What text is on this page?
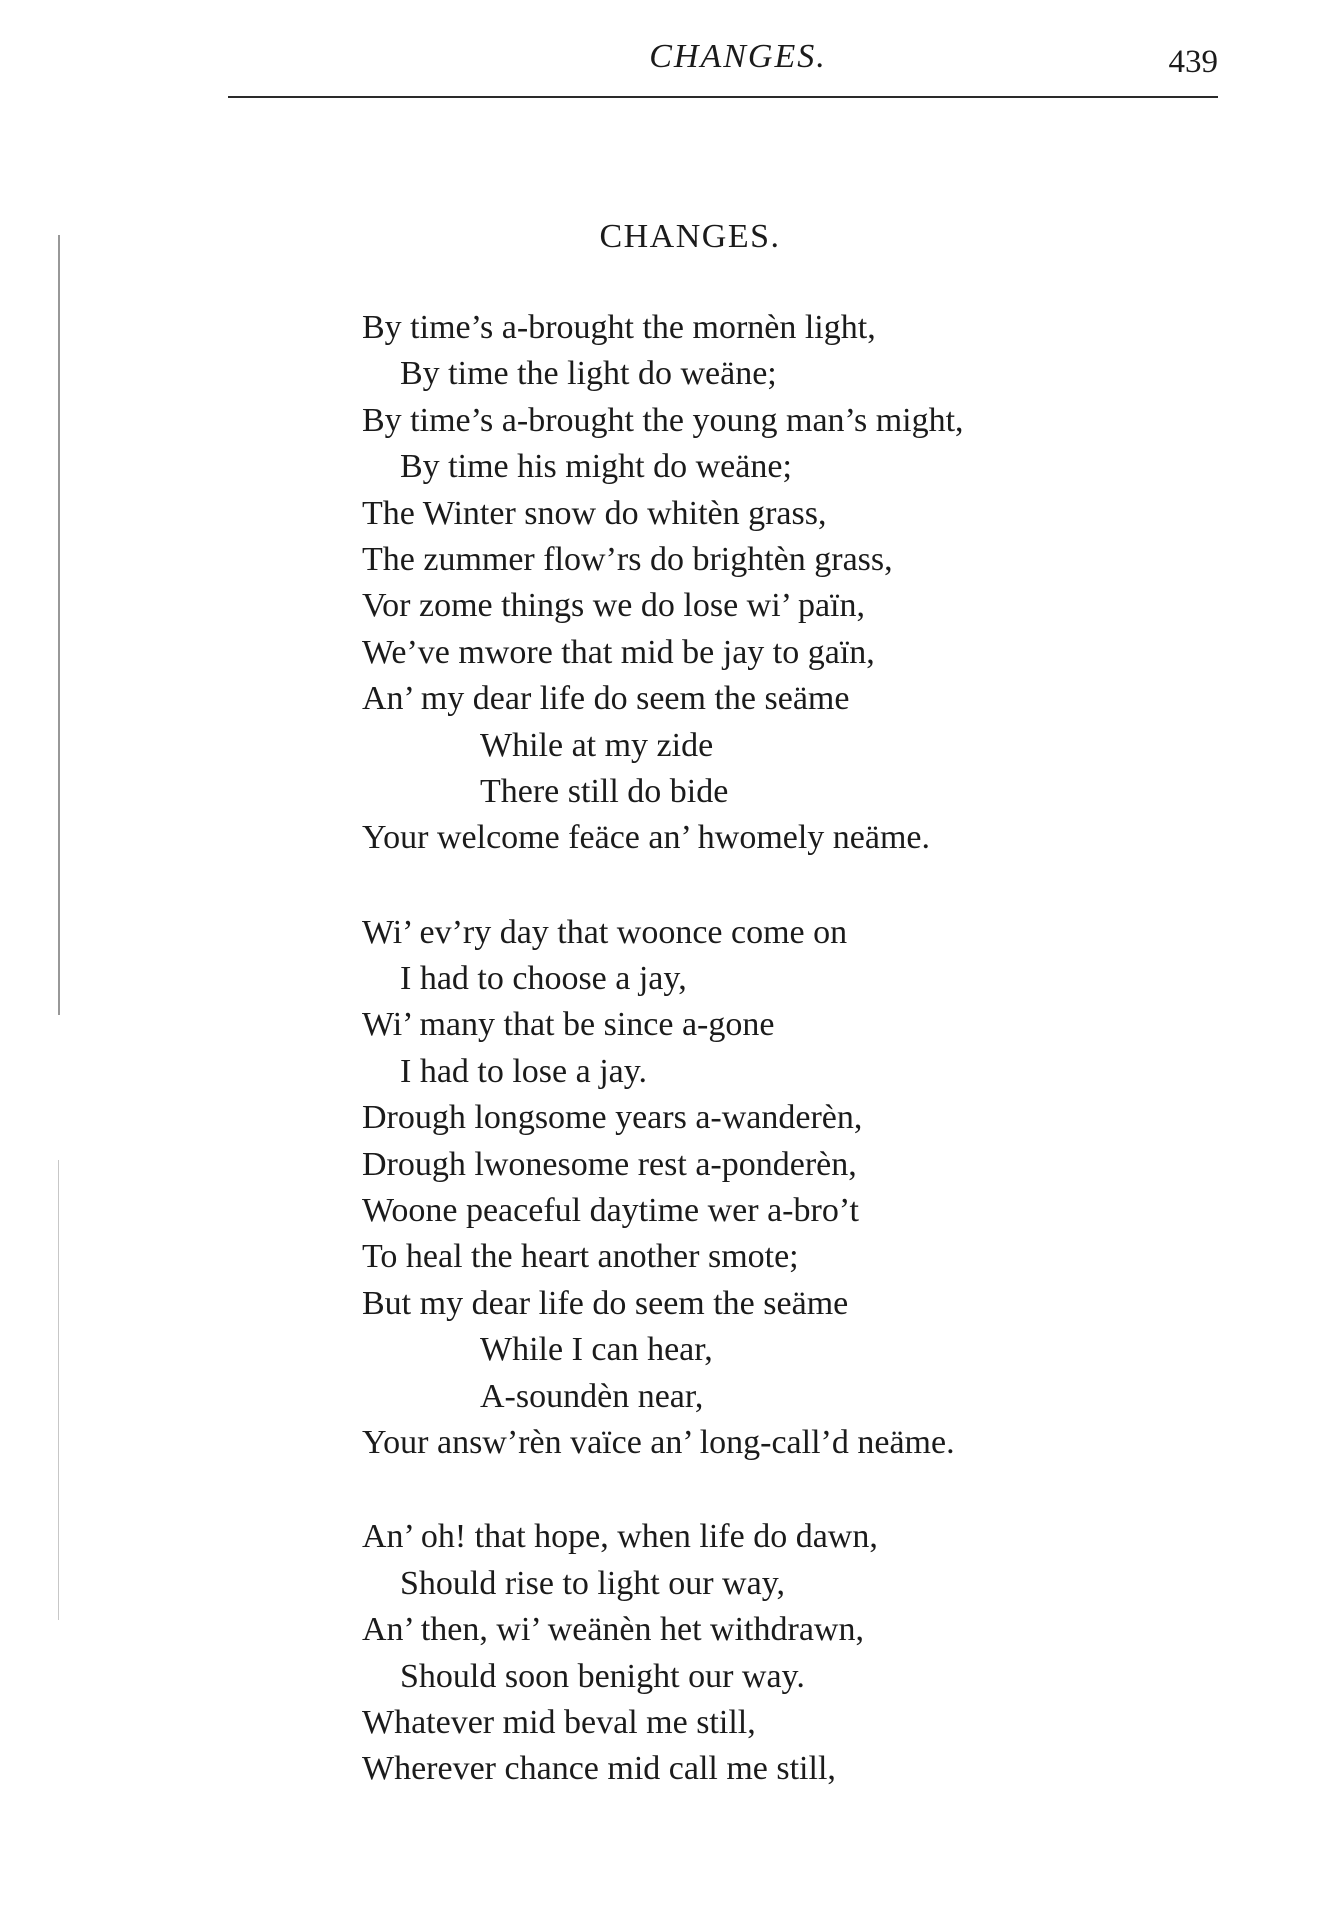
CHANGES.	439
CHANGES.
By time’s a-brought the mornèn light,
By time the light do weäne;
By time’s a-brought the young man’s might,
By time his might do weäne;
The Winter snow do whitèn grass,
The zummer flow’rs do brightèn grass,
Vor zome things we do lose wi’ païn,
We’ve mwore that mid be jay to gaïn,
An’ my dear life do seem the seäme
While at my zide
There still do bide
Your welcome feäce an’ hwomely neäme.
Wi’ ev’ry day that woonce come on
I had to choose a jay,
Wi’ many that be since a-gone
I had to lose a jay.
Drough longsome years a-wanderèn,
Drough lwonesome rest a-ponderèn,
Woone peaceful daytime wer a-bro’t
To heal the heart another smote;
But my dear life do seem the seäme
While I can hear,
A-soundèn near,
Your answ’rèn vaïce an’ long-call’d neäme.
An’ oh! that hope, when life do dawn,
Should rise to light our way,
An’ then, wi’ weänèn het withdrawn,
Should soon benight our way.
Whatever mid beval me still,
Wherever chance mid call me still,
